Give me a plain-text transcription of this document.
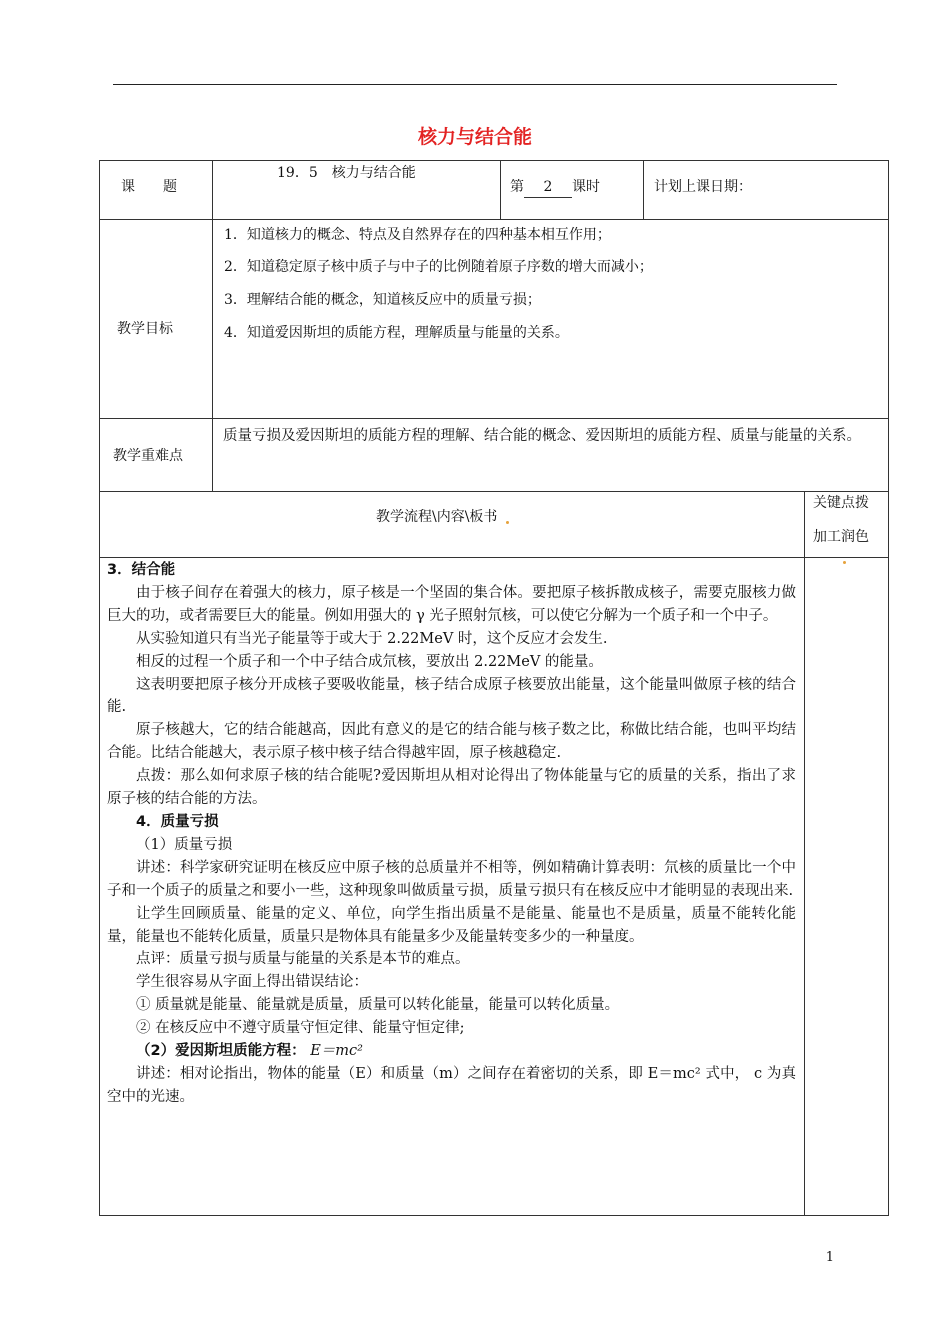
核力与结合能
课　　题
19．5　核力与结合能
第 2 课时	计划上课日期：
教学目标
1．知道核力的概念、特点及自然界存在的四种基本相互作用；
2．知道稳定原子核中质子与中子的比例随着原子序数的增大而减小；
3．理解结合能的概念，知道核反应中的质量亏损；
4．知道爱因斯坦的质能方程，理解质量与能量的关系。
教学重难点
质量亏损及爱因斯坦的质能方程的理解、结合能的概念、爱因斯坦的质能方程、质量与能量的关系。
教学流程\内容\板书
关键点拨
加工润色

3．结合能

由于核子间存在着强大的核力，原子核是一个坚固的集合体。要把原子核拆散成核子，需要克服核力做巨大的功，或者需要巨大的能量。例如用强大的 γ 光子照射氘核，可以使它分解为一个质子和一个中子。

从实验知道只有当光子能量等于或大于 2.22MeV 时，这个反应才会发生.

相反的过程一个质子和一个中子结合成氘核，要放出 2.22MeV 的能量。

这表明要把原子核分开成核子要吸收能量，核子结合成原子核要放出能量，这个能量叫做原子核的结合能.

原子核越大，它的结合能越高，因此有意义的是它的结合能与核子数之比，称做比结合能，也叫平均结合能。比结合能越大，表示原子核中核子结合得越牢固，原子核越稳定.

点拨：那么如何求原子核的结合能呢?爱因斯坦从相对论得出了物体能量与它的质量的关系，指出了求原子核的结合能的方法。

4．质量亏损

（1）质量亏损

讲述：科学家研究证明在核反应中原子核的总质量并不相等，例如精确计算表明：氘核的质量比一个中子和一个质子的质量之和要小一些，这种现象叫做质量亏损，质量亏损只有在核反应中才能明显的表现出来.

让学生回顾质量、能量的定义、单位，向学生指出质量不是能量、能量也不是质量，质量不能转化能量，能量也不能转化质量，质量只是物体具有能量多少及能量转变多少的一种量度。

点评：质量亏损与质量与能量的关系是本节的难点。

学生很容易从字面上得出错误结论：

① 质量就是能量、能量就是质量，质量可以转化能量，能量可以转化质量。

② 在核反应中不遵守质量守恒定律、能量守恒定律;

（2）爱因斯坦质能方程： E＝mc²

讲述：相对论指出，物体的能量（E）和质量（m）之间存在着密切的关系，即 E＝mc² 式中， c 为真空中的光速。

1
